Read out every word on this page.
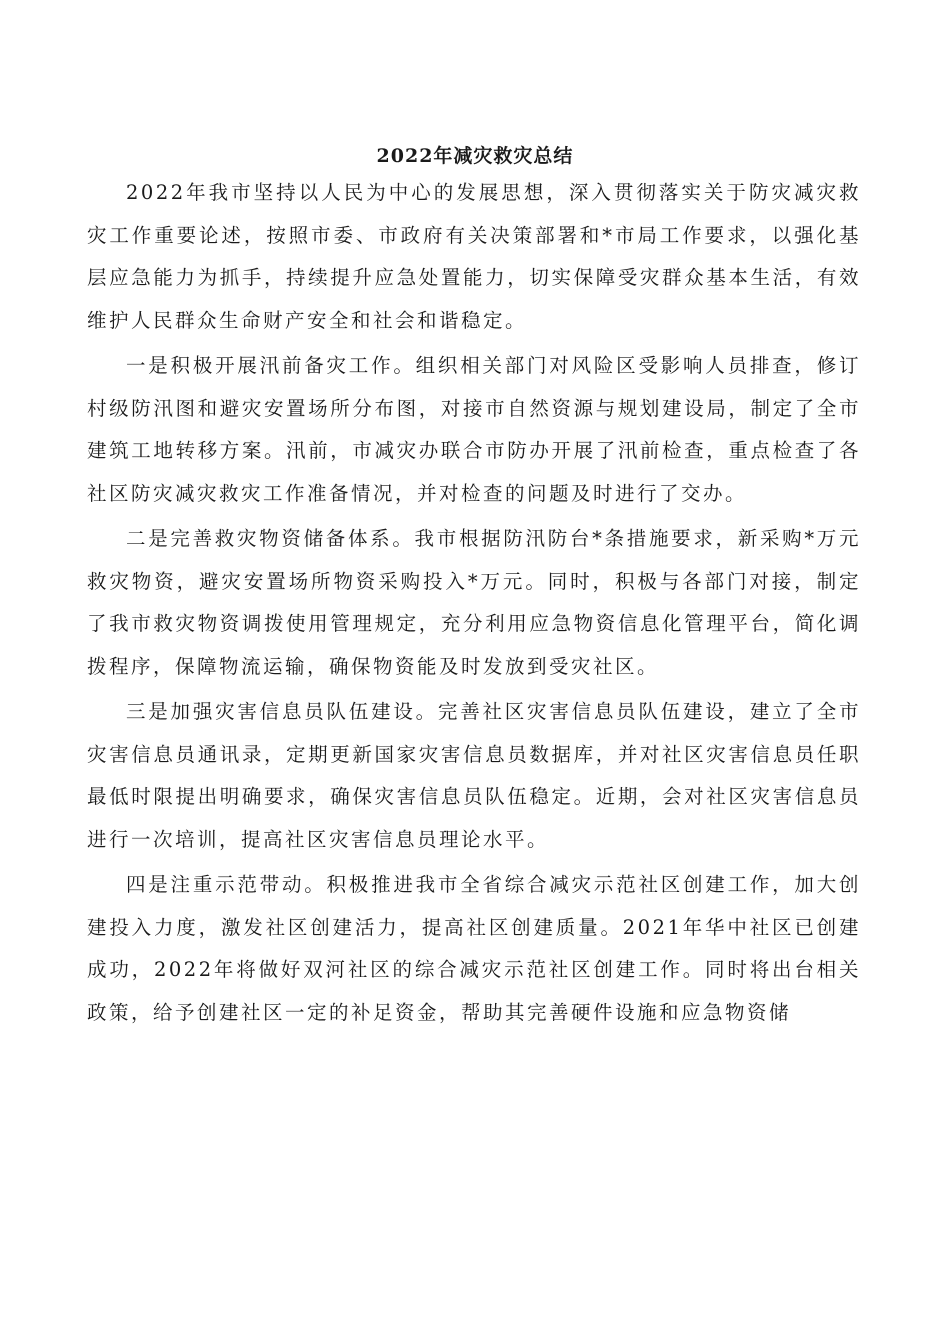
2022年减灾救灾总结

2022年我市坚持以人民为中心的发展思想，深入贯彻落实关于防灾减灾救灾工作重要论述，按照市委、市政府有关决策部署和*市局工作要求，以强化基层应急能力为抓手，持续提升应急处置能力，切实保障受灾群众基本生活，有效维护人民群众生命财产安全和社会和谐稳定。

一是积极开展汛前备灾工作。组织相关部门对风险区受影响人员排查，修订村级防汛图和避灾安置场所分布图，对接市自然资源与规划建设局，制定了全市建筑工地转移方案。汛前，市减灾办联合市防办开展了汛前检查，重点检查了各社区防灾减灾救灾工作准备情况，并对检查的问题及时进行了交办。

二是完善救灾物资储备体系。我市根据防汛防台*条措施要求，新采购*万元救灾物资，避灾安置场所物资采购投入*万元。同时，积极与各部门对接，制定了我市救灾物资调拨使用管理规定，充分利用应急物资信息化管理平台，简化调拨程序，保障物流运输，确保物资能及时发放到受灾社区。

三是加强灾害信息员队伍建设。完善社区灾害信息员队伍建设，建立了全市灾害信息员通讯录，定期更新国家灾害信息员数据库，并对社区灾害信息员任职最低时限提出明确要求，确保灾害信息员队伍稳定。近期，会对社区灾害信息员进行一次培训，提高社区灾害信息员理论水平。

四是注重示范带动。积极推进我市全省综合减灾示范社区创建工作，加大创建投入力度，激发社区创建活力，提高社区创建质量。2021年华中社区已创建成功，2022年将做好双河社区的综合减灾示范社区创建工作。同时将出台相关政策，给予创建社区一定的补足资金，帮助其完善硬件设施和应急物资储
